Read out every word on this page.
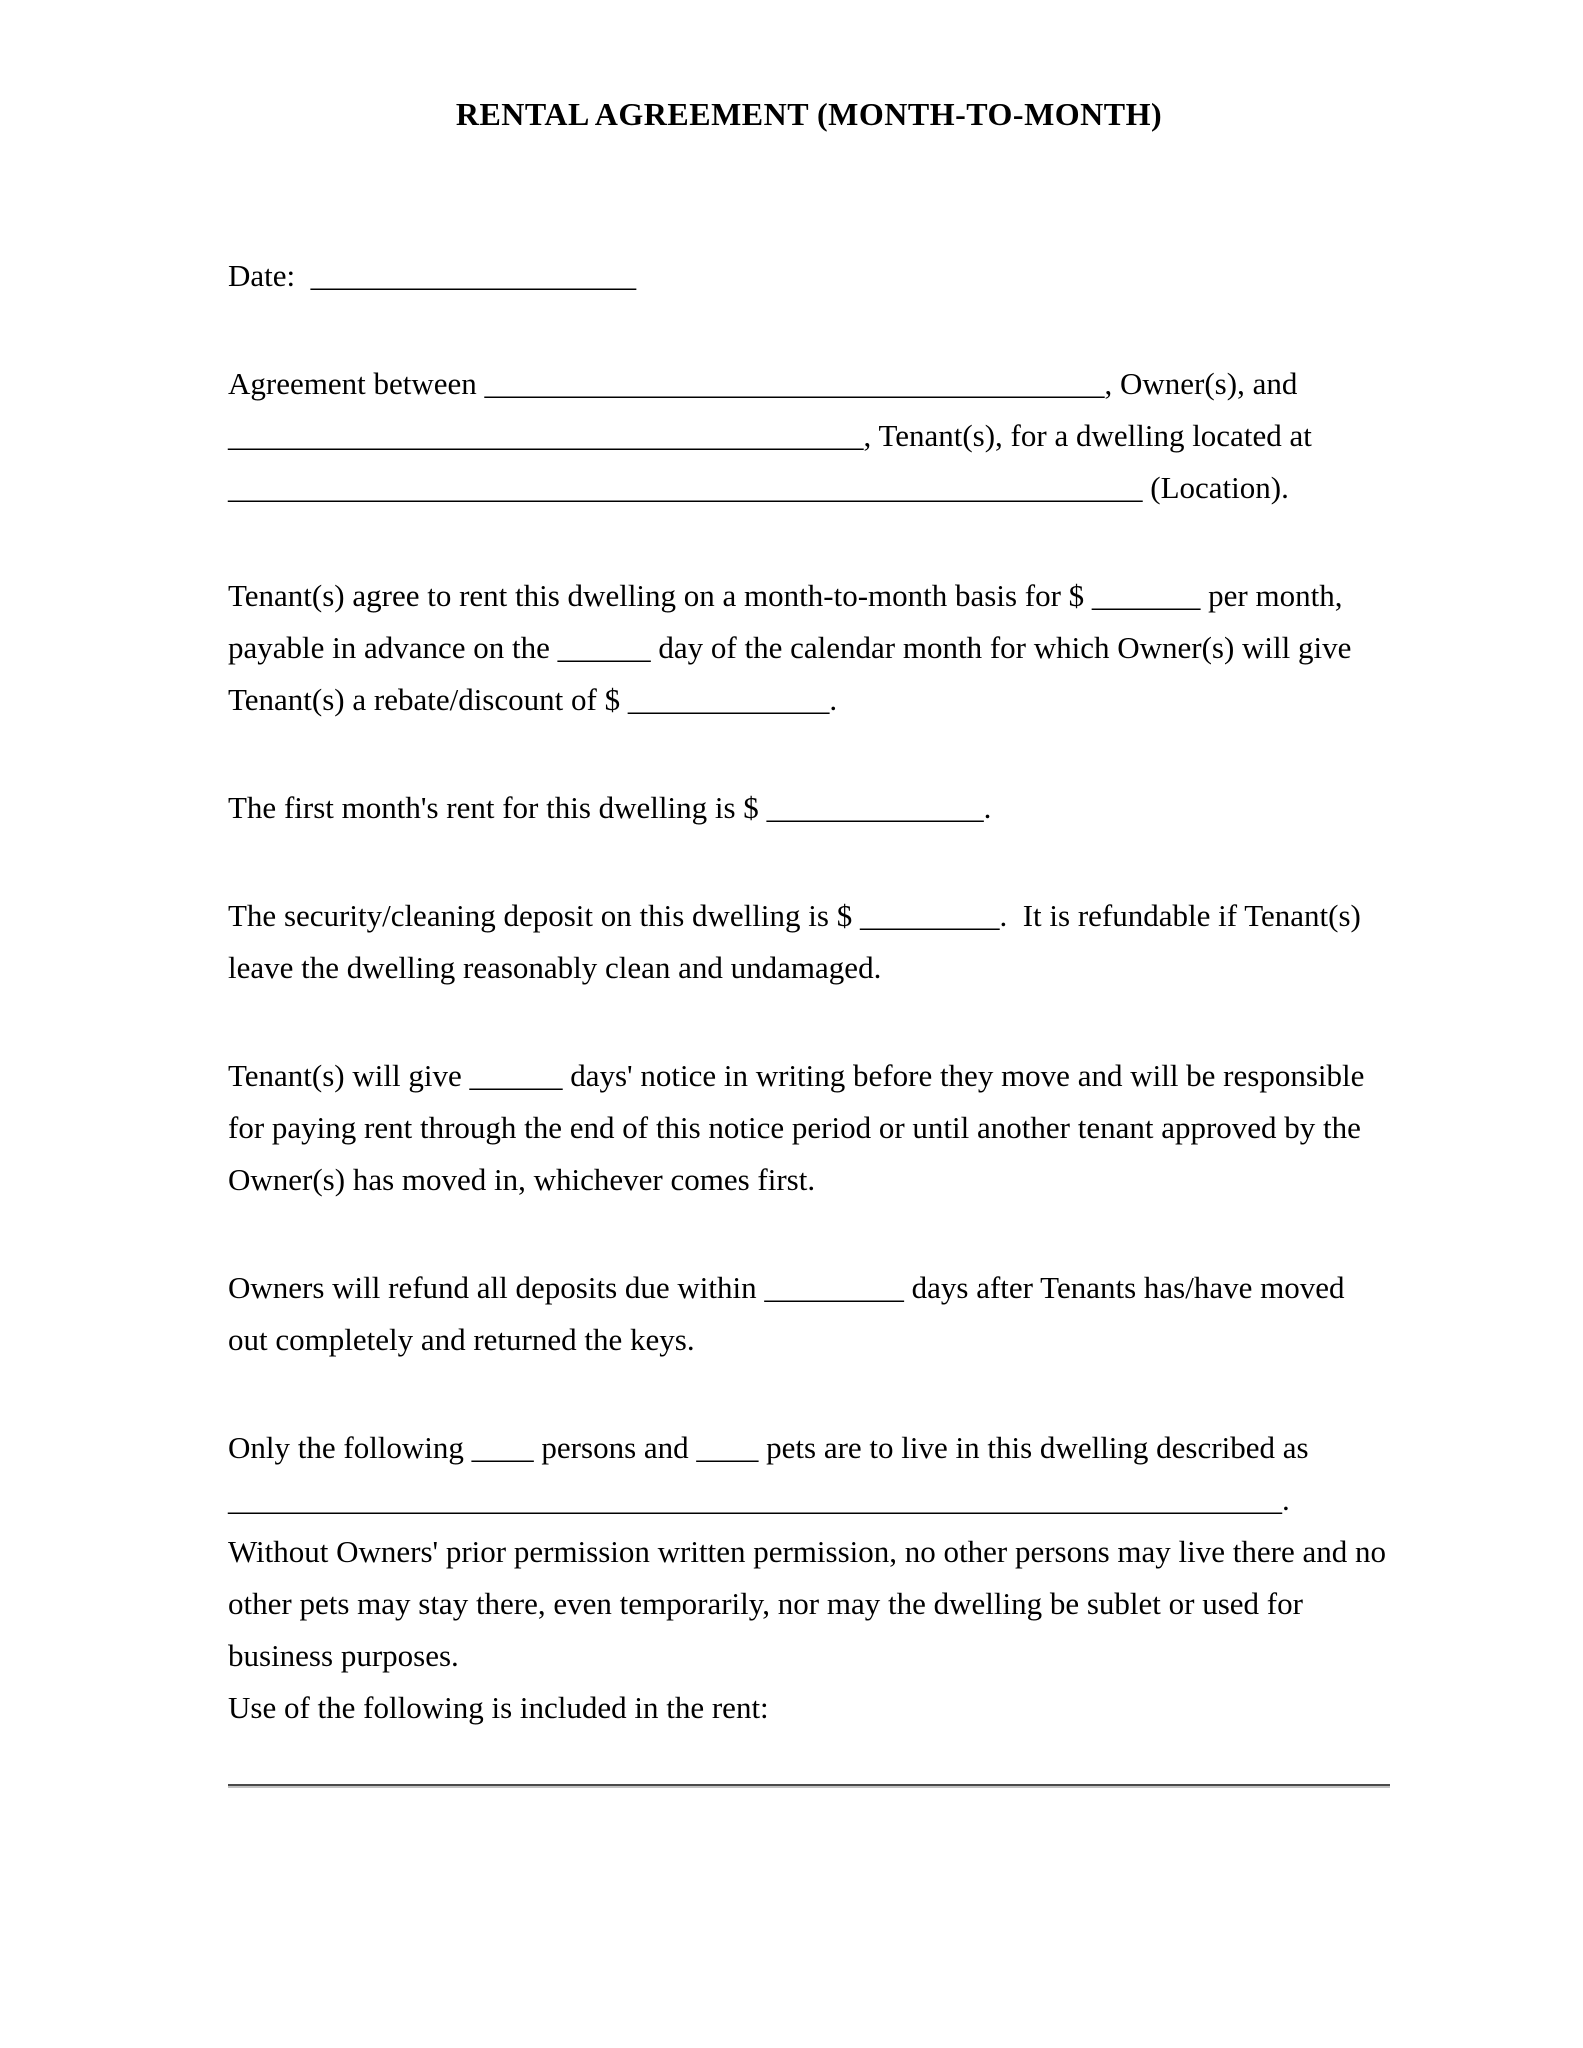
RENTAL AGREEMENT (MONTH-TO-MONTH)

Date:  _____________________

Agreement between ________________________________________, Owner(s), and _________________________________________, Tenant(s), for a dwelling located at ___________________________________________________________ (Location).

Tenant(s) agree to rent this dwelling on a month-to-month basis for $ _______ per month, payable in advance on the ______ day of the calendar month for which Owner(s) will give Tenant(s) a rebate/discount of $ _____________.

The first month's rent for this dwelling is $ ______________.

The security/cleaning deposit on this dwelling is $ _________.  It is refundable if Tenant(s) leave the dwelling reasonably clean and undamaged.

Tenant(s) will give ______ days' notice in writing before they move and will be responsible for paying rent through the end of this notice period or until another tenant approved by the Owner(s) has moved in, whichever comes first.

Owners will refund all deposits due within _________ days after Tenants has/have moved out completely and returned the keys.

Only the following ____ persons and ____ pets are to live in this dwelling described as ____________________________________________________________________.

Without Owners' prior permission written permission, no other persons may live there and no other pets may stay there, even temporarily, nor may the dwelling be sublet or used for business purposes.

Use of the following is included in the rent:
